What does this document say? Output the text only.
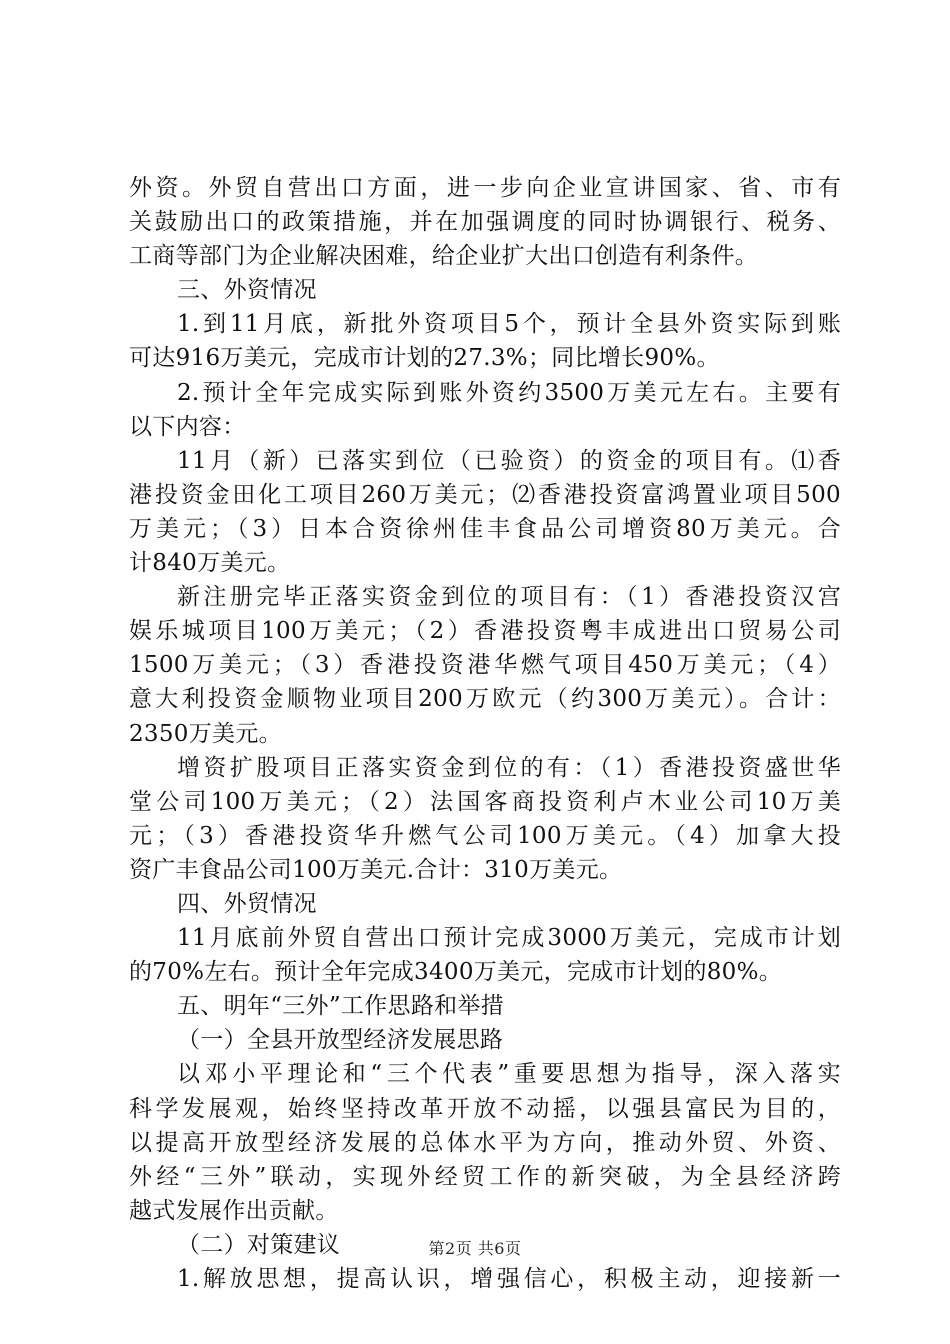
外资。外贸自营出口方面，进一步向企业宣讲国家、省、市有
关鼓励出口的政策措施，并在加强调度的同时协调银行、税务、
工商等部门为企业解决困难，给企业扩大出口创造有利条件。
三、外资情况
1.到11月底，新批外资项目5个，预计全县外资实际到账
可达916万美元，完成市计划的27.3%；同比增长90%。
2.预计全年完成实际到账外资约3500万美元左右。主要有
以下内容：
11月（新）已落实到位（已验资）的资金的项目有。⑴香
港投资金田化工项目260万美元；⑵香港投资富鸿置业项目500
万美元；（3）日本合资徐州佳丰食品公司增资80万美元。合
计840万美元。
新注册完毕正落实资金到位的项目有：（1）香港投资汉宫
娱乐城项目100万美元；（2）香港投资粤丰成进出口贸易公司
1500万美元；（3）香港投资港华燃气项目450万美元；（4）
意大利投资金顺物业项目200万欧元（约300万美元）。合计：
2350万美元。
增资扩股项目正落实资金到位的有：（1）香港投资盛世华
堂公司100万美元；（2）法国客商投资利卢木业公司10万美
元；（3）香港投资华升燃气公司100万美元。（4）加拿大投
资广丰食品公司100万美元.合计：310万美元。
四、外贸情况
11月底前外贸自营出口预计完成3000万美元，完成市计划
的70%左右。预计全年完成3400万美元，完成市计划的80%。
五、明年“三外”工作思路和举措
（一）全县开放型经济发展思路
以邓小平理论和“三个代表”重要思想为指导，深入落实
科学发展观，始终坚持改革开放不动摇，以强县富民为目的，
以提高开放型经济发展的总体水平为方向，推动外贸、外资、
外经“三外”联动，实现外经贸工作的新突破，为全县经济跨
越式发展作出贡献。
（二）对策建议
1.解放思想，提高认识，增强信心，积极主动，迎接新一
第2页 共6页
